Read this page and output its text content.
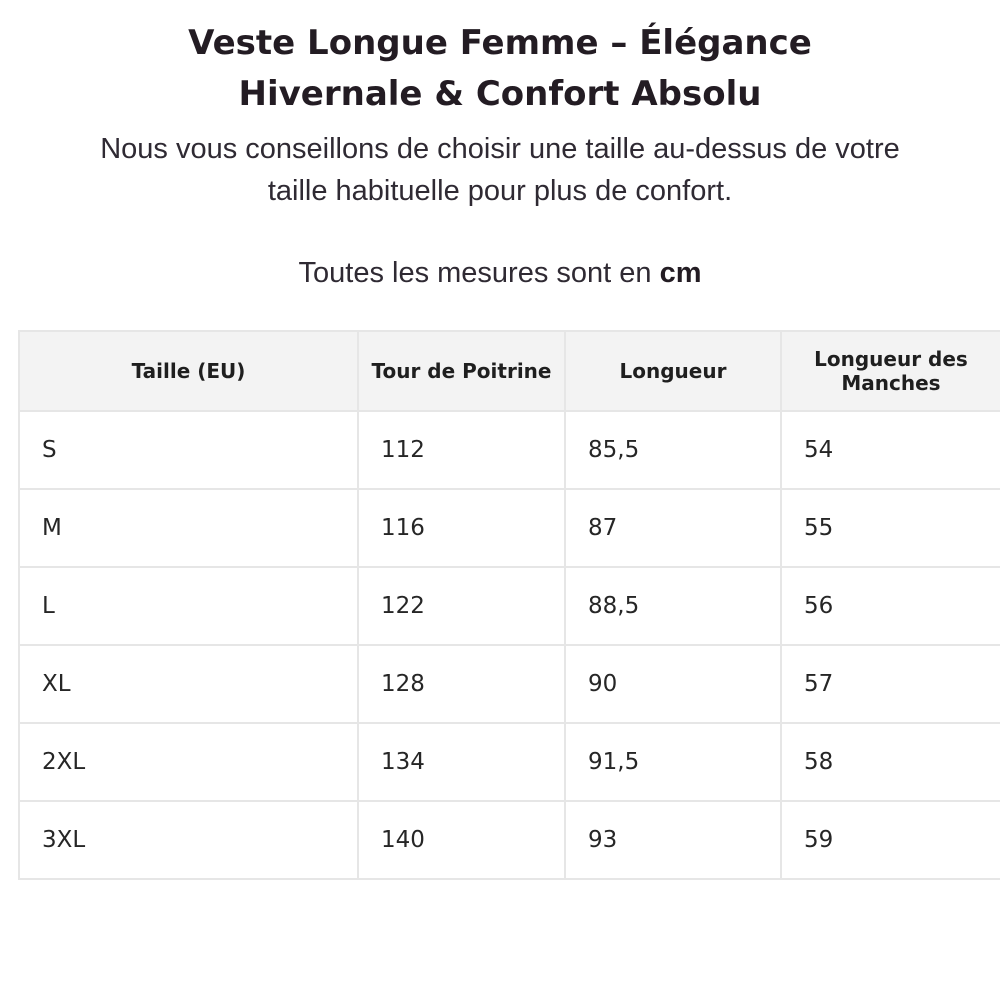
Veste Longue Femme – Élégance
Hivernale & Confort Absolu
Nous vous conseillons de choisir une taille au-dessus de votre
taille habituelle pour plus de confort.
Toutes les mesures sont en cm
Taille (EU)	Tour de Poitrine	Longueur	Longueur des Manches
S	112	85,5	54
M	116	87	55
L	122	88,5	56
XL	128	90	57
2XL	134	91,5	58
3XL	140	93	59
